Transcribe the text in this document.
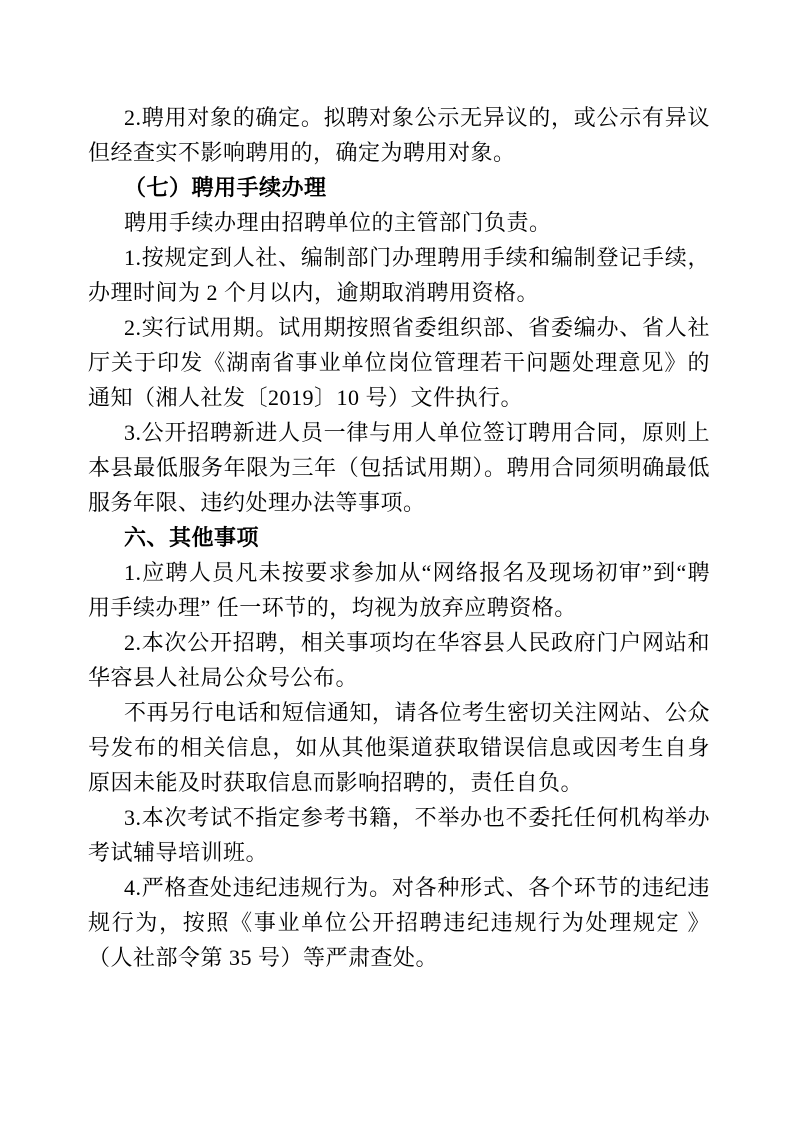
2.聘用对象的确定。拟聘对象公示无异议的，或公示有异议但经查实不影响聘用的，确定为聘用对象。

（七）聘用手续办理

聘用手续办理由招聘单位的主管部门负责。

1.按规定到人社、编制部门办理聘用手续和编制登记手续，办理时间为 2 个月以内，逾期取消聘用资格。

2.实行试用期。试用期按照省委组织部、省委编办、省人社厅关于印发《湖南省事业单位岗位管理若干问题处理意见》的通知（湘人社发〔2019〕10 号）文件执行。

3.公开招聘新进人员一律与用人单位签订聘用合同，原则上本县最低服务年限为三年（包括试用期）。聘用合同须明确最低服务年限、违约处理办法等事项。

六、其他事项

1.应聘人员凡未按要求参加从“网络报名及现场初审”到“聘用手续办理” 任一环节的，均视为放弃应聘资格。

2.本次公开招聘，相关事项均在华容县人民政府门户网站和华容县人社局公众号公布。

不再另行电话和短信通知，请各位考生密切关注网站、公众号发布的相关信息，如从其他渠道获取错误信息或因考生自身原因未能及时获取信息而影响招聘的，责任自负。

3.本次考试不指定参考书籍，不举办也不委托任何机构举办考试辅导培训班。

4.严格查处违纪违规行为。对各种形式、各个环节的违纪违规行为，按照《事业单位公开招聘违纪违规行为处理规定 》（人社部令第 35 号）等严肃查处。
